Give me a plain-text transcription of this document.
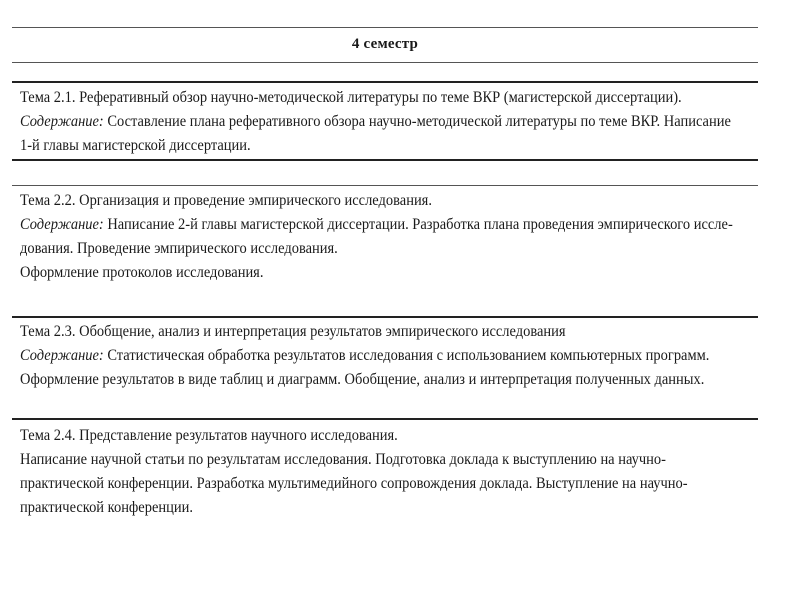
4 семестр

Тема 2.1. Реферативный обзор научно-методической литературы по теме ВКР (магистерской диссертации).

Содержание: Составление плана реферативного обзора научно-методической литературы по теме ВКР. Написание

1-й главы магистерской диссертации.

Тема 2.2. Организация и проведение эмпирического исследования.

Содержание: Написание 2-й главы магистерской диссертации. Разработка плана проведения эмпирического иссле-

дования. Проведение эмпирического исследования.

Оформление протоколов исследования.

Тема 2.3. Обобщение, анализ и интерпретация результатов эмпирического исследования

Содержание: Статистическая обработка результатов исследования с использованием компьютерных программ.

Оформление результатов в виде таблиц и диаграмм. Обобщение, анализ и интерпретация полученных данных.

Тема 2.4. Представление результатов научного исследования.

Написание научной статьи по результатам исследования. Подготовка доклада к выступлению на научно-

практической конференции. Разработка мультимедийного сопровождения доклада. Выступление на научно-

практической конференции.
